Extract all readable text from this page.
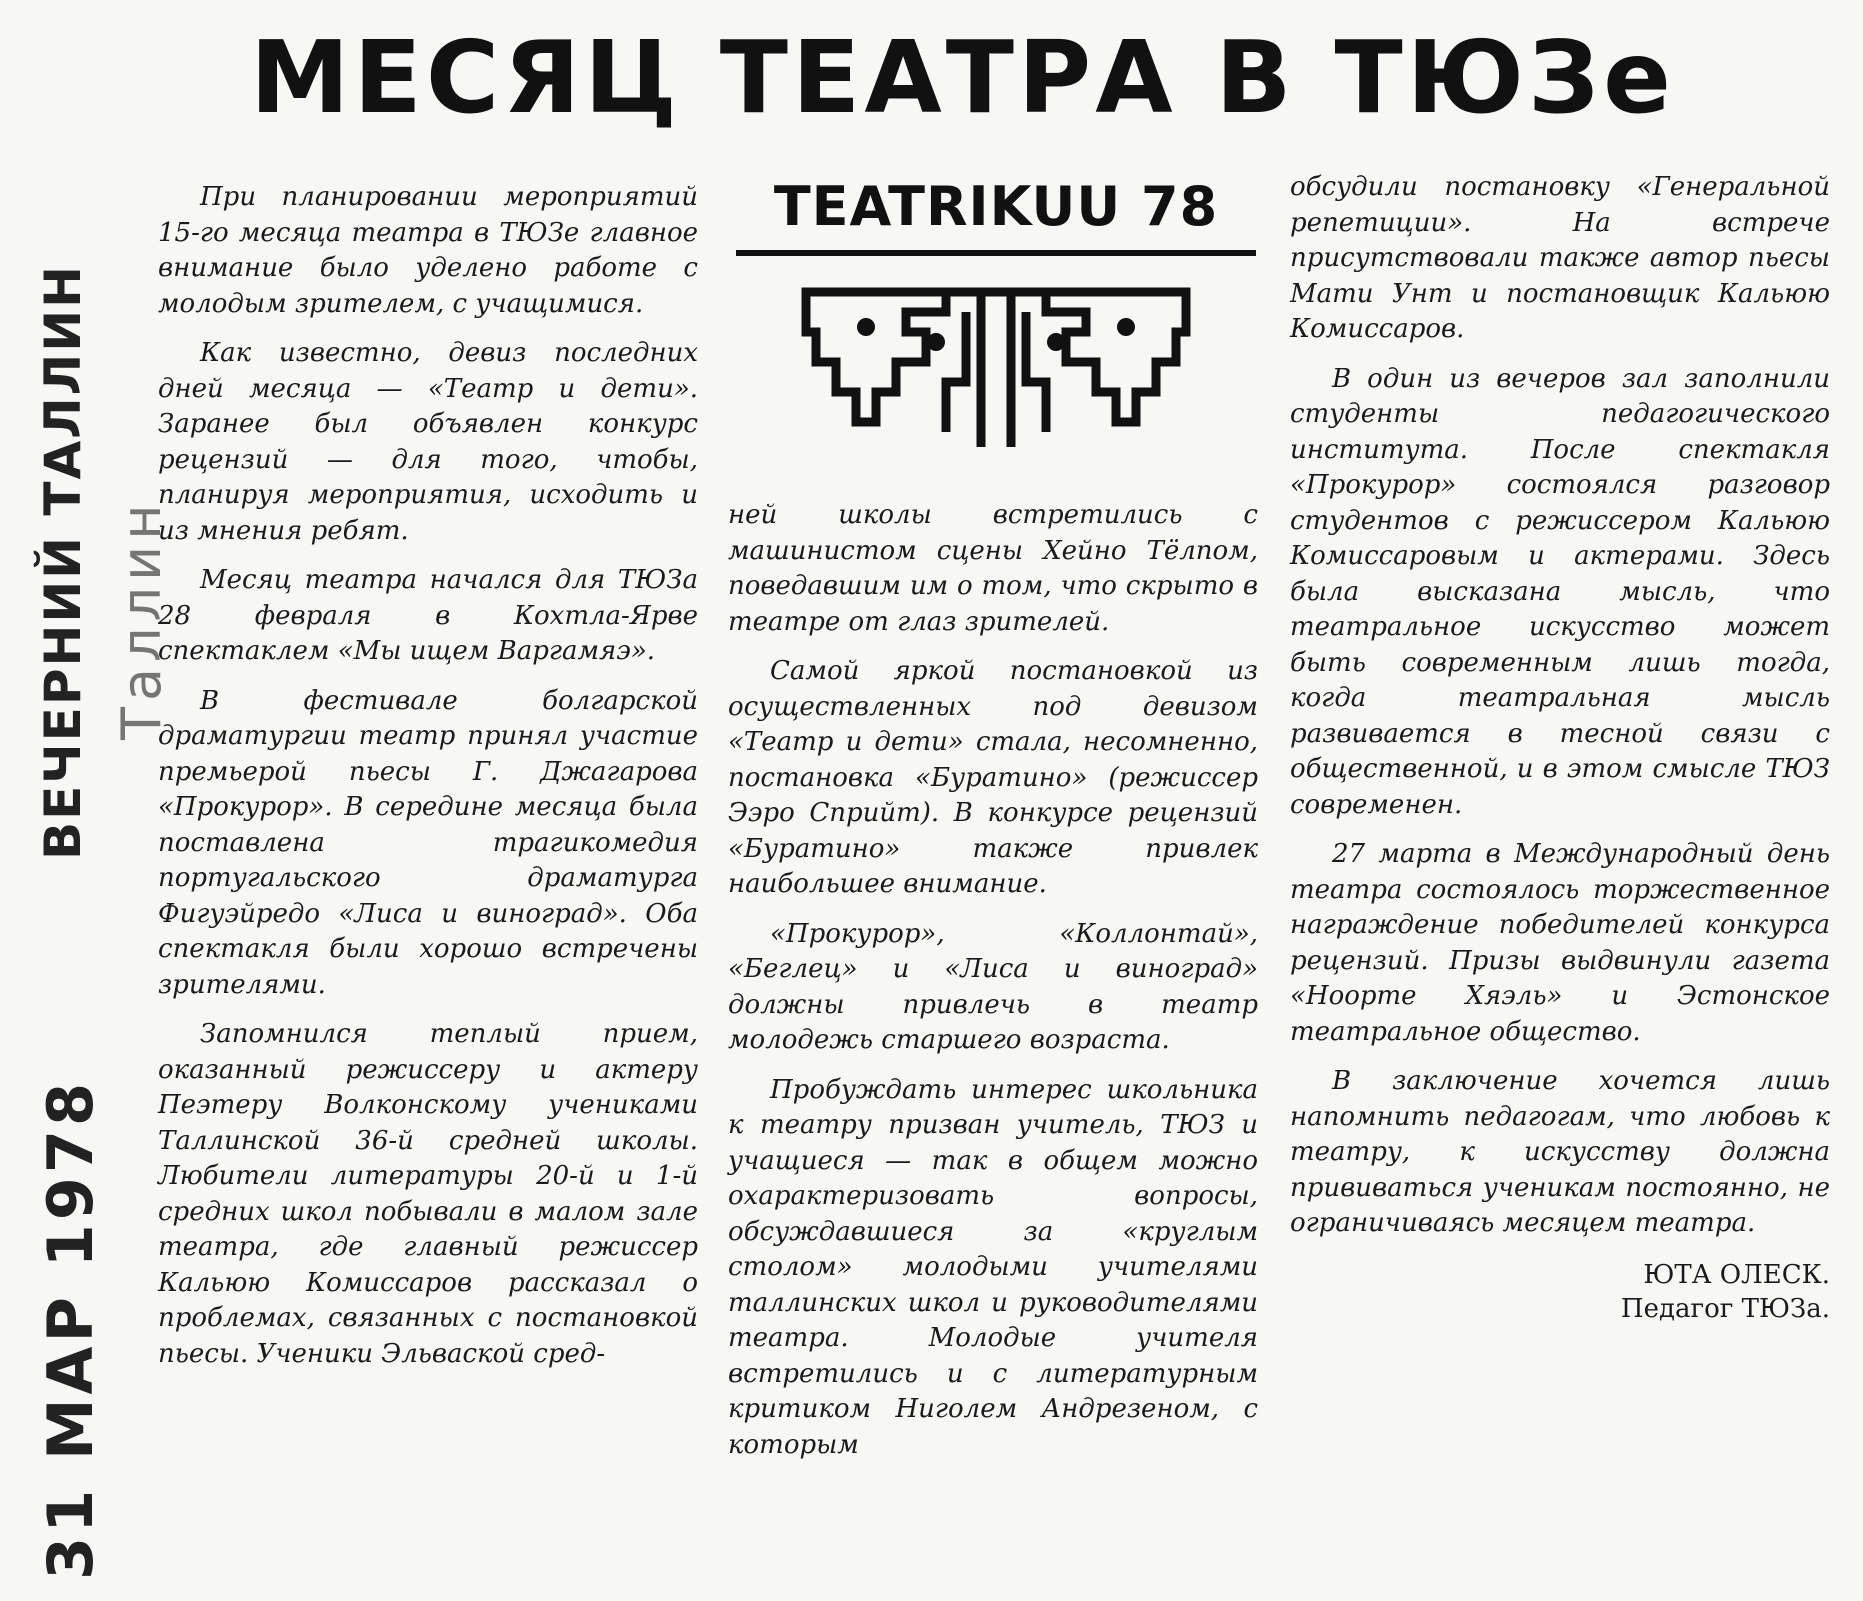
ВЕЧЕРНИЙ ТАЛЛИН
31 МАР 1978
Таллин
МЕСЯЦ ТЕАТРА В ТЮЗе
TEATRIKUU 78

При планировании мероприятий 15-го месяца театра в ТЮЗе главное внимание было уделено работе с молодым зрителем, с учащимися.

Как известно, девиз последних дней месяца — «Театр и дети». Заранее был объявлен конкурс рецензий — для того, чтобы, планируя мероприятия, исходить и из мнения ребят.

Месяц театра начался для ТЮЗа 28 февраля в Кохтла-Ярве спектаклем «Мы ищем Варгамяэ».

В фестивале болгарской драматургии театр принял участие премьерой пьесы Г. Джагарова «Прокурор». В середине месяца была поставлена трагикомедия португальского драматурга Фигуэйредо «Лиса и виноград». Оба спектакля были хорошо встречены зрителями.

Запомнился теплый прием, оказанный режиссеру и актеру Пеэтеру Волконскому учениками Таллинской 36-й средней школы. Любители литературы 20-й и 1-й средних школ побывали в малом зале театра, где главный режиссер Кальюю Комиссаров рассказал о проблемах, связанных с постановкой пьесы. Ученики Эльваской сред-

ней школы встретились с машинистом сцены Хейно Тёлпом, поведавшим им о том, что скрыто в театре от глаз зрителей.

Самой яркой постановкой из осуществленных под девизом «Театр и дети» стала, несомненно, постановка «Буратино» (режиссер Ээро Сприйт). В конкурсе рецензий «Буратино» также привлек наибольшее внимание.

«Прокурор», «Коллонтай», «Беглец» и «Лиса и виноград» должны привлечь в театр молодежь старшего возраста.

Пробуждать интерес школьника к театру призван учитель, ТЮЗ и учащиеся — так в общем можно охарактеризовать вопросы, обсуждавшиеся за «круглым столом» молодыми учителями таллинских школ и руководителями театра. Молодые учителя встретились и с литературным критиком Ниголем Андрезеном, с которым

обсудили постановку «Генеральной репетиции». На встрече присутствовали также автор пьесы Мати Унт и постановщик Кальюю Комиссаров.

В один из вечеров зал заполнили студенты педагогического института. После спектакля «Прокурор» состоялся разговор студентов с режиссером Кальюю Комиссаровым и актерами. Здесь была высказана мысль, что театральное искусство может быть современным лишь тогда, когда театральная мысль развивается в тесной связи с общественной, и в этом смысле ТЮЗ современен.

27 марта в Международный день театра состоялось торжественное награждение победителей конкурса рецензий. Призы выдвинули газета «Ноорте Хяэль» и Эстонское театральное общество.

В заключение хочется лишь напомнить педагогам, что любовь к театру, к искусству должна прививаться ученикам постоянно, не ограничиваясь месяцем театра.

ЮТА ОЛЕСК.
Педагог ТЮЗа.
